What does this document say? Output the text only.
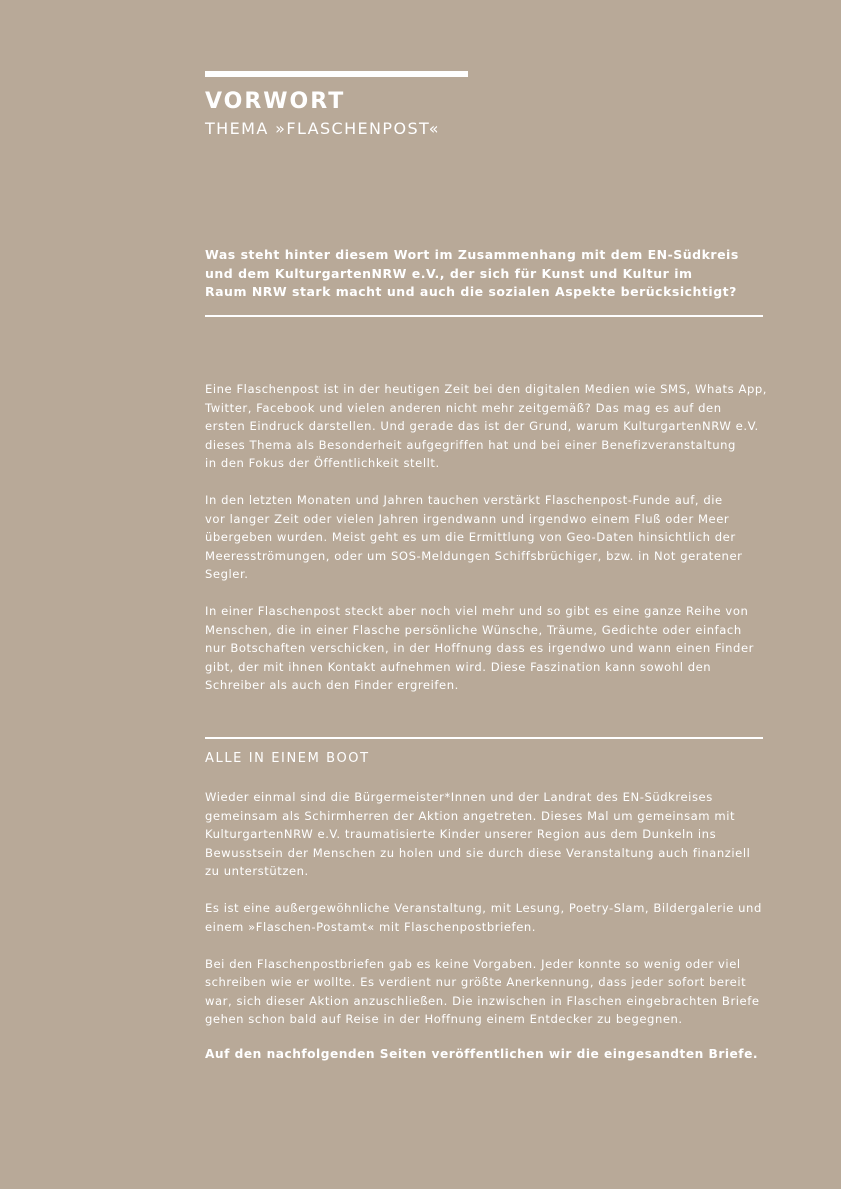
VORWORT
THEMA »FLASCHENPOST«

Was steht hinter diesem Wort im Zusammenhang mit dem EN-Südkreis
und dem KulturgartenNRW e.V., der sich für Kunst und Kultur im
Raum NRW stark macht und auch die sozialen Aspekte berücksichtigt?

Eine Flaschenpost ist in der heutigen Zeit bei den digitalen Medien wie SMS, Whats App,
Twitter, Facebook und vielen anderen nicht mehr zeitgemäß? Das mag es auf den
ersten Eindruck darstellen. Und gerade das ist der Grund, warum KulturgartenNRW e.V.
dieses Thema als Besonderheit aufgegriffen hat und bei einer Benefizveranstaltung
in den Fokus der Öffentlichkeit stellt.

In den letzten Monaten und Jahren tauchen verstärkt Flaschenpost-Funde auf, die
vor langer Zeit oder vielen Jahren irgendwann und irgendwo einem Fluß oder Meer
übergeben wurden. Meist geht es um die Ermittlung von Geo-Daten hinsichtlich der
Meeresströmungen, oder um SOS-Meldungen Schiffsbrüchiger, bzw. in Not geratener
Segler.

In einer Flaschenpost steckt aber noch viel mehr und so gibt es eine ganze Reihe von
Menschen, die in einer Flasche persönliche Wünsche, Träume, Gedichte oder einfach
nur Botschaften verschicken, in der Hoffnung dass es irgendwo und wann einen Finder
gibt, der mit ihnen Kontakt aufnehmen wird. Diese Faszination kann sowohl den
Schreiber als auch den Finder ergreifen.

ALLE IN EINEM BOOT

Wieder einmal sind die Bürgermeister*Innen und der Landrat des EN-Südkreises
gemeinsam als Schirmherren der Aktion angetreten. Dieses Mal um gemeinsam mit
KulturgartenNRW e.V. traumatisierte Kinder unserer Region aus dem Dunkeln ins
Bewusstsein der Menschen zu holen und sie durch diese Veranstaltung auch finanziell
zu unterstützen.

Es ist eine außergewöhnliche Veranstaltung, mit Lesung, Poetry-Slam, Bildergalerie und
einem »Flaschen-Postamt« mit Flaschenpostbriefen.

Bei den Flaschenpostbriefen gab es keine Vorgaben. Jeder konnte so wenig oder viel
schreiben wie er wollte. Es verdient nur größte Anerkennung, dass jeder sofort bereit
war, sich dieser Aktion anzuschließen. Die inzwischen in Flaschen eingebrachten Briefe
gehen schon bald auf Reise in der Hoffnung einem Entdecker zu begegnen.

Auf den nachfolgenden Seiten veröffentlichen wir die eingesandten Briefe.
